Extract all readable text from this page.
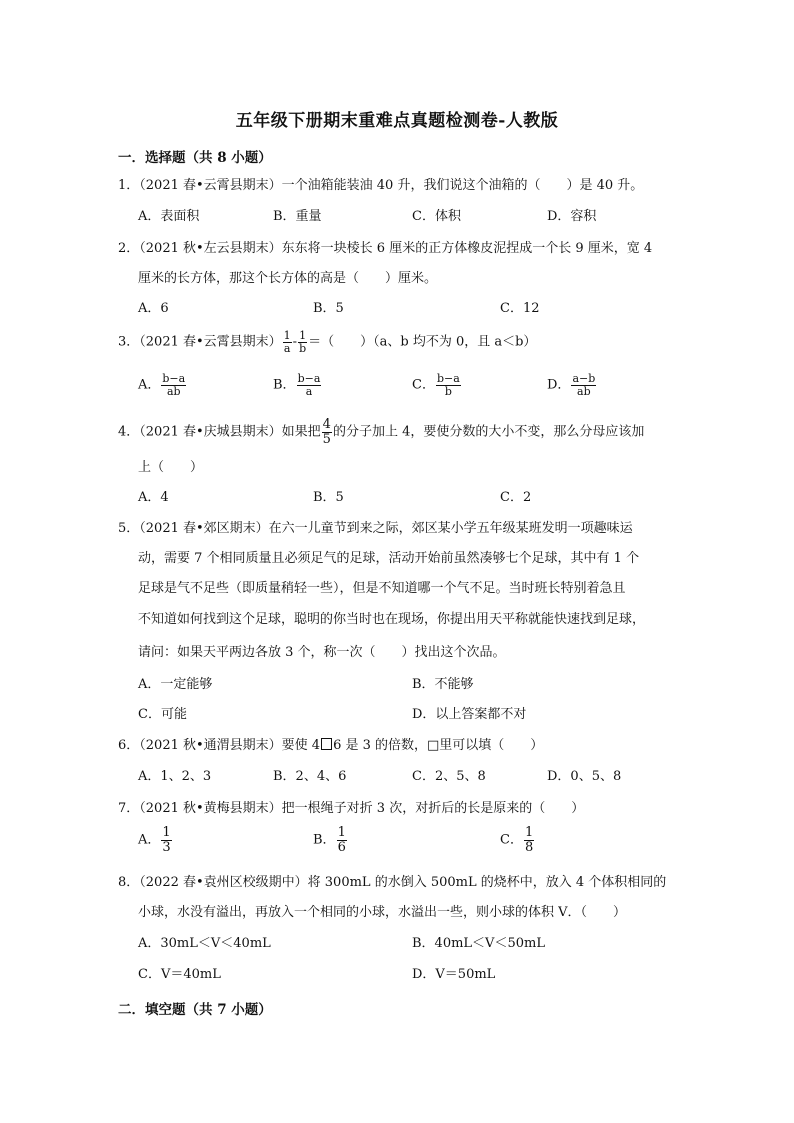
五年级下册期末重难点真题检测卷-人教版
一．选择题（共 8 小题）
1．（2021 春•云霄县期末）一个油箱能装油 40 升，我们说这个油箱的（　　）是 40 升。
A．表面积	B．重量	C．体积	D．容积
2．（2021 秋•左云县期末）东东将一块棱长 6 厘米的正方体橡皮泥捏成一个长 9 厘米，宽 4
厘米的长方体，那这个长方体的高是（　　）厘米。
A．6	B．5	C．12
3．（2021 春•云霄县期末） $\frac{1}{a} - \frac{1}{b}$ ＝（　　）（a、b 均不为 0，且 a＜b）
A． $\frac{b-a}{ab}$	B． $\frac{b-a}{a}$	C． $\frac{b-a}{b}$	D． $\frac{a-b}{ab}$
4．（2021 春•庆城县期末）如果把 $\frac{4}{5}$ 的分子加上 4，要使分数的大小不变，那么分母应该加
上（　　）
A．4	B．5	C．2
5．（2021 春•郊区期末）在六一儿童节到来之际，郊区某小学五年级某班发明一项趣味运
动，需要 7 个相同质量且必须足气的足球，活动开始前虽然凑够七个足球，其中有 1 个
足球是气不足些（即质量稍轻一些），但是不知道哪一个气不足。当时班长特别着急且
不知道如何找到这个足球，聪明的你当时也在现场，你提出用天平称就能快速找到足球，
请问：如果天平两边各放 3 个，称一次（　　）找出这个次品。
A．一定能够	B．不能够
C．可能	D．以上答案都不对
6．（2021 秋•通渭县期末）要使 4 6 是 3 的倍数，□里可以填（　　）
A．1、2、3	B．2、4、6	C．2、5、8	D．0、5、8
7．（2021 秋•黄梅县期末）把一根绳子对折 3 次，对折后的长是原来的（　　）
A． $\frac{1}{3}$	B． $\frac{1}{6}$	C． $\frac{1}{8}$
8．（2022 春•袁州区校级期中）将 300mL 的水倒入 500mL 的烧杯中，放入 4 个体积相同的
小球，水没有溢出，再放入一个相同的小球，水溢出一些，则小球的体积 V．（　　）
A．30mL＜V＜40mL	B．40mL＜V＜50mL
C．V＝40mL	D．V＝50mL
二．填空题（共 7 小题）
